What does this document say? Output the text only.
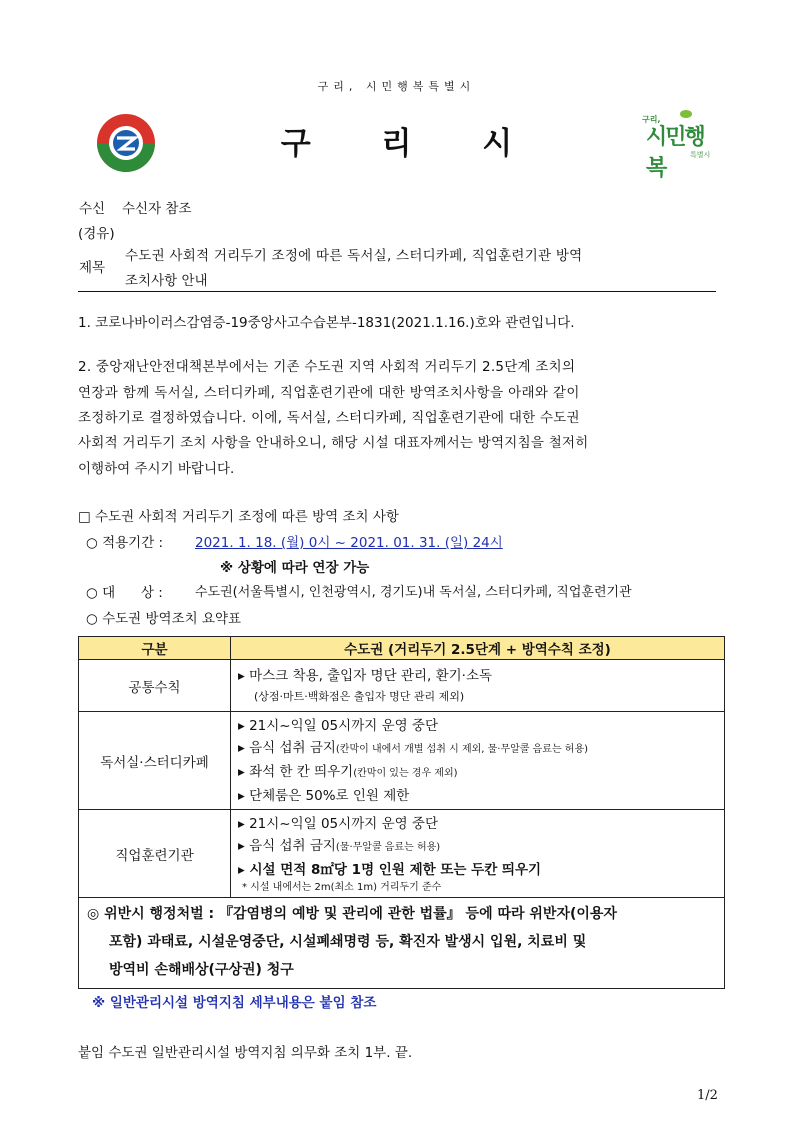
구리, 시민행복특별시
구 리 시
구리,
시민행복
특별시
수신 수신자 참조
(경유)
제목
수도권 사회적 거리두기 조정에 따른 독서실, 스터디카페, 직업훈련기관 방역
조치사항 안내
1. 코로나바이러스감염증-19중앙사고수습본부-1831(2021.1.16.)호와 관련입니다.
2. 중앙재난안전대책본부에서는 기존 수도권 지역 사회적 거리두기 2.5단계 조치의
연장과 함께 독서실, 스터디카페, 직업훈련기관에 대한 방역조치사항을 아래와 같이
조정하기로 결정하였습니다. 이에, 독서실, 스터디카페, 직업훈련기관에 대한 수도권
사회적 거리두기 조치 사항을 안내하오니, 해당 시설 대표자께서는 방역지침을 철저히
이행하여 주시기 바랍니다.
□ 수도권 사회적 거리두기 조정에 따른 방역 조치 사항
○ 적용기간 : 2021. 1. 18. (월) 0시 ~ 2021. 01. 31. (일) 24시
※ 상황에 따라 연장 가능
○ 대      상 : 수도권(서울특별시, 인천광역시, 경기도)내 독서실, 스터디카페, 직업훈련기관
○ 수도권 방역조치 요약표
구분	수도권 (거리두기 2.5단계 + 방역수칙 조정)
공통수칙	▸ 마스크 착용, 출입자 명단 관리, 환기·소독
(상점·마트·백화점은 출입자 명단 관리 제외)

독서실·스터디카페	▸ 21시~익일 05시까지 운영 중단
▸ 음식 섭취 금지(칸막이 내에서 개별 섭취 시 제외, 물·무알콜 음료는 허용)
▸ 좌석 한 칸 띄우기(칸막이 있는 경우 제외)
▸ 단체룸은 50%로 인원 제한

직업훈련기관	▸ 21시~익일 05시까지 운영 중단
▸ 음식 섭취 금지(물·무알콜 음료는 허용)
▸ 시설 면적 8㎡당 1명 인원 제한 또는 두칸 띄우기
* 시설 내에서는 2m(최소 1m) 거리두기 준수

◎ 위반시 행정처벌 : 『감염병의 예방 및 관리에 관한 법률』 등에 따라 위반자(이용자
포함) 과태료, 시설운영중단, 시설폐쇄명령 등, 확진자 발생시 입원, 치료비 및
방역비 손해배상(구상권) 청구	
※ 일반관리시설 방역지침 세부내용은 붙임 참조
붙임 수도권 일반관리시설 방역지침 의무화 조치 1부. 끝.
1/2
